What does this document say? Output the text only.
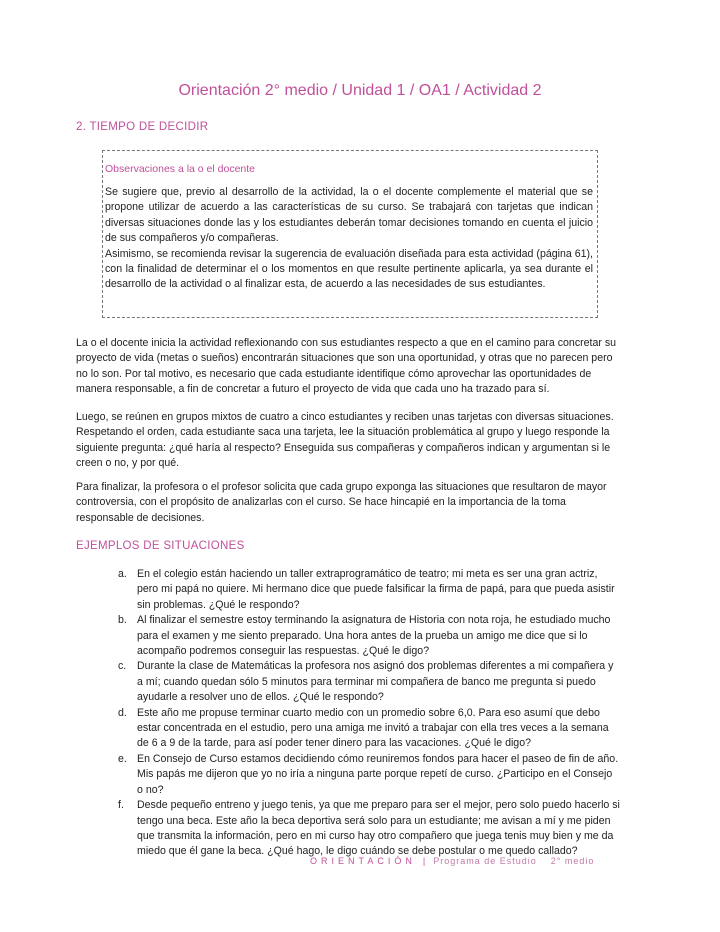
Orientación 2° medio / Unidad 1 / OA1 / Actividad 2
2. TIEMPO DE DECIDIR
Observaciones a la o el docente

Se sugiere que, previo al desarrollo de la actividad, la o el docente complemente el material que se propone utilizar de acuerdo a las características de su curso. Se trabajará con tarjetas que indican diversas situaciones donde las y los estudiantes deberán tomar decisiones tomando en cuenta el juicio de sus compañeros y/o compañeras.

Asimismo, se recomienda revisar la sugerencia de evaluación diseñada para esta actividad (página 61), con la finalidad de determinar el o los momentos en que resulte pertinente aplicarla, ya sea durante el desarrollo de la actividad o al finalizar esta, de acuerdo a las necesidades de sus estudiantes.

La o el docente inicia la actividad reflexionando con sus estudiantes respecto a que en el camino para concretar su proyecto de vida (metas o sueños) encontrarán situaciones que son una oportunidad, y otras que no parecen pero no lo son. Por tal motivo, es necesario que cada estudiante identifique cómo aprovechar las oportunidades de manera responsable, a fin de concretar a futuro el proyecto de vida que cada uno ha trazado para sí.

Luego, se reúnen en grupos mixtos de cuatro a cinco estudiantes y reciben unas tarjetas con diversas situaciones. Respetando el orden, cada estudiante saca una tarjeta, lee la situación problemática al grupo y luego responde la siguiente pregunta: ¿qué haría al respecto? Enseguida sus compañeras y compañeros indican y argumentan si le creen o no, y por qué.

Para finalizar, la profesora o el profesor solicita que cada grupo exponga las situaciones que resultaron de mayor controversia, con el propósito de analizarlas con el curso. Se hace hincapié en la importancia de la toma responsable de decisiones.

EJEMPLOS DE SITUACIONES
a. En el colegio están haciendo un taller extraprogramático de teatro; mi meta es ser una gran actriz, pero mi papá no quiere. Mi hermano dice que puede falsificar la firma de papá, para que pueda asistir sin problemas. ¿Qué le respondo?
b. Al finalizar el semestre estoy terminando la asignatura de Historia con nota roja, he estudiado mucho para el examen y me siento preparado. Una hora antes de la prueba un amigo me dice que si lo acompaño podremos conseguir las respuestas. ¿Qué le digo?
c. Durante la clase de Matemáticas la profesora nos asignó dos problemas diferentes a mi compañera y a mí; cuando quedan sólo 5 minutos para terminar mi compañera de banco me pregunta si puedo ayudarle a resolver uno de ellos. ¿Qué le respondo?
d. Este año me propuse terminar cuarto medio con un promedio sobre 6,0. Para eso asumí que debo estar concentrada en el estudio, pero una amiga me invitó a trabajar con ella tres veces a la semana de 6 a 9 de la tarde, para así poder tener dinero para las vacaciones. ¿Qué le digo?
e. En Consejo de Curso estamos decidiendo cómo reuniremos fondos para hacer el paseo de fin de año. Mis papás me dijeron que yo no iría a ninguna parte porque repetí de curso. ¿Participo en el Consejo o no?
f. Desde pequeño entreno y juego tenis, ya que me preparo para ser el mejor, pero solo puedo hacerlo si tengo una beca. Este año la beca deportiva será solo para un estudiante; me avisan a mí y me piden que transmita la información, pero en mi curso hay otro compañero que juega tenis muy bien y me da miedo que él gane la beca. ¿Qué hago, le digo cuándo se debe postular o me quedo callado?
ORIENTACIÓN | Programa de Estudio 2° medio
